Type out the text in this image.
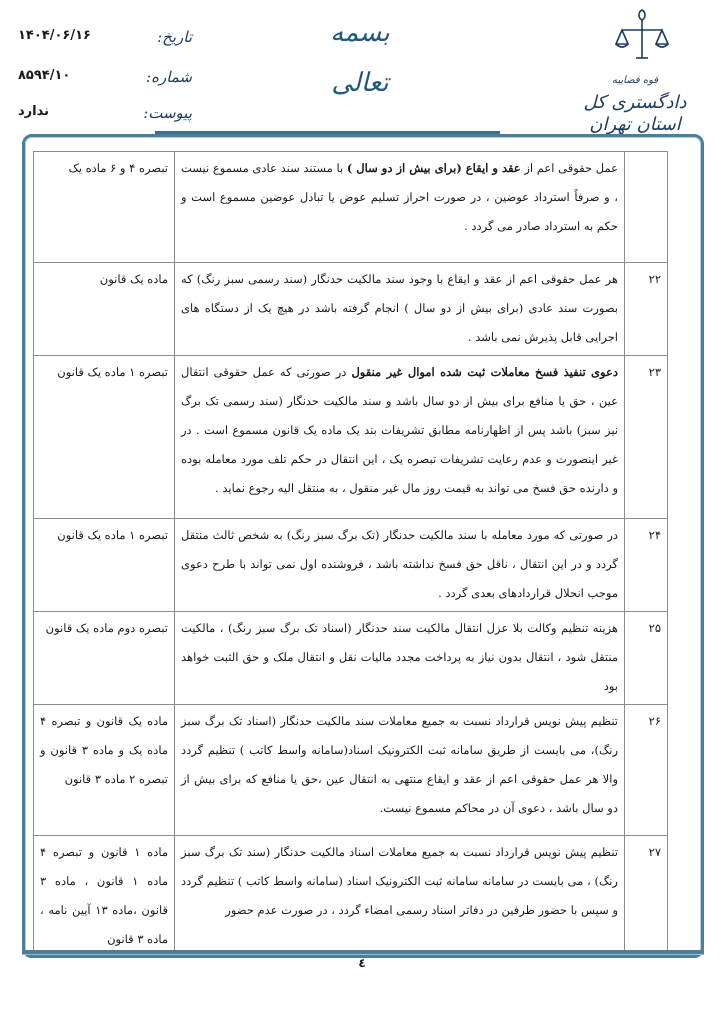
۱۴۰۴/۰۶/۱۶	تاریخ:
۸۵۹۴/۱۰	شماره:
ندارد	پیوست:
بسمه تعالی	قوه قضاییه
دادگستری کل استان تهران
	عمل حقوقی اعم از عقد و ایقاع (برای بیش از دو سال ) با مستند سند عادی مسموع نیست ، و صرفاً استرداد عوضین ، در صورت احراز تسلیم عوض یا تبادل عوضین مسموع است و حکم به استرداد صادر می گردد .	تبصره ۴ و ۶ ماده یک
۲۲	هر عمل حقوقی اعم از عقد و ایقاع با وجود سند مالکیت حدنگار (سند رسمی سبز رنگ) که بصورت سند عادی (برای بیش از دو سال ) انجام گرفته باشد در هیچ یک از دستگاه های اجرایی قابل پذیرش نمی باشد .	ماده یک قانون
۲۳	دعوی تنفیذ فسخ معاملات ثبت شده اموال غیر منقول در صورتی که عمل حقوقی انتقال عین ، حق یا منافع برای بیش از دو سال باشد و سند مالکیت حدنگار (سند رسمی تک برگ نیز سبز) باشد پس از اظهارنامه مطابق تشریفات بند یک ماده یک قانون مسموع است . در غیر اینصورت و عدم رعایت تشریفات تبصره یک ، این انتقال در حکم تلف مورد معامله بوده و دارنده حق فسخ می تواند به قیمت روز مال غیر منقول ، به منتقل الیه رجوع نماید .	تبصره ۱ ماده یک قانون
۲۴	در صورتی که مورد معامله با سند مالکیت حدنگار (تک برگ سبز رنگ) به شخص ثالث منتقل گردد و در این انتقال ، ناقل حق فسخ نداشته باشد ، فروشنده اول نمی تواند با طرح دعوی موجب انحلال قراردادهای بعدی گردد .	تبصره ۱ ماده یک قانون
۲۵	هزینه تنظیم وکالت بلا عزل انتقال مالکیت سند حدنگار (اسناد تک برگ سبز رنگ) ، مالکیت منتقل شود ، انتقال بدون نیاز به پرداخت مجدد مالیات نقل و انتقال ملک و حق الثبت خواهد بود	تبصره دوم ماده یک قانون
۲۶	تنظیم پیش نویس قرارداد نسبت به جمیع معاملات سند مالکیت حدنگار (اسناد تک برگ سبز رنگ)، می بایست از طریق سامانه ثبت الکترونیک اسناد(سامانه واسط کاتب ) تنظیم گردد والا هر عمل حقوقی اعم از عقد و ایقاع منتهی به انتقال عین ،حق یا منافع که برای بیش از دو سال باشد ، دعوی آن در محاکم مسموع نیست.	ماده یک قانون و تبصره ۴ ماده یک و ماده ۳ قانون و تبصره ۲ ماده ۳ قانون
۲۷	تنظیم پیش نویس قرارداد نسبت به جمیع معاملات اسناد مالکیت حدنگار (سند تک برگ سبز رنگ) ، می بایست در سامانه سامانه ثبت الکترونیک اسناد (سامانه واسط کاتب ) تنظیم گردد و سپس با حضور طرفین در دفاتر اسناد رسمی امضاء گردد ، در صورت عدم حضور	ماده ۱ قانون و تبصره ۴ ماده ۱ قانون ، ماده ۳ قانون ،ماده ۱۳ آیین نامه ، ماده ۳ قانون
٤
